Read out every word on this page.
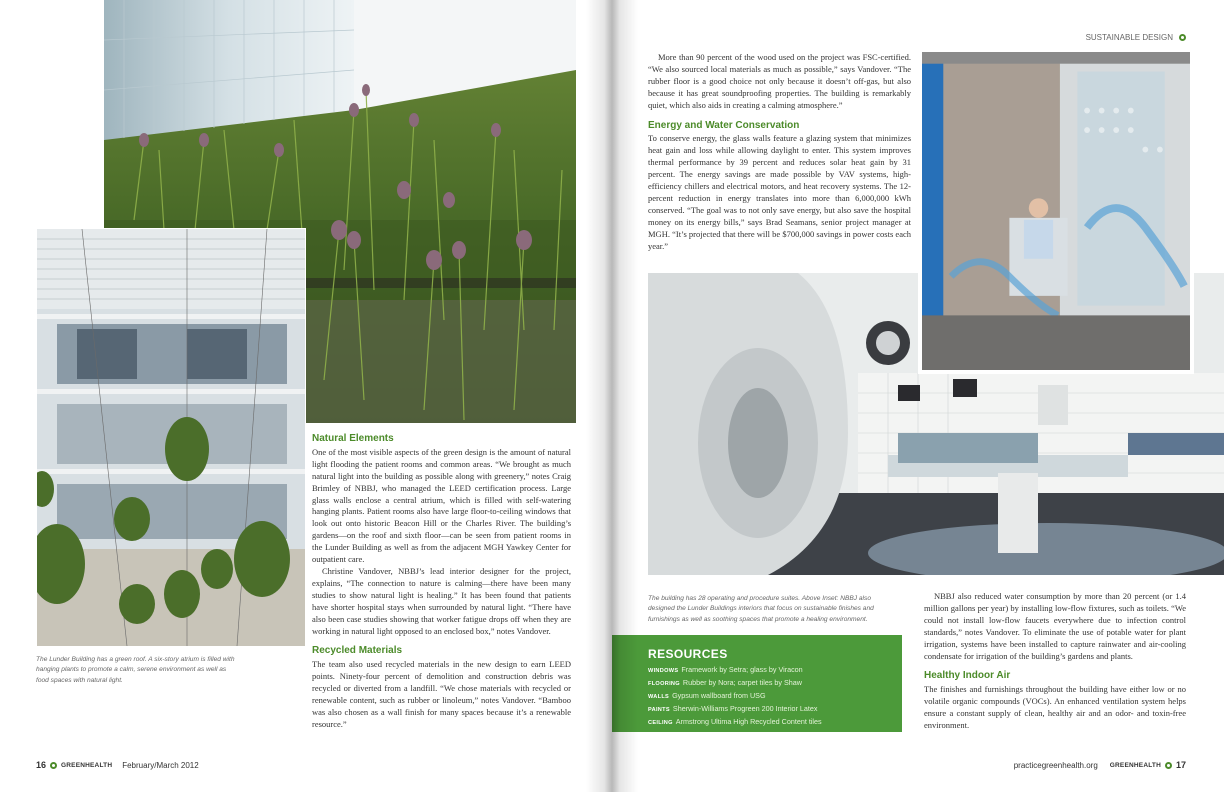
The Lunder Building has a green roof. A six-story atrium is filled with hanging plants to promote a calm, serene environment as well as food spaces with natural light.
Natural Elements

One of the most visible aspects of the green design is the amount of natural light flooding the patient rooms and common areas. “We brought as much natural light into the building as possible along with greenery,” notes Craig Brimley of NBBJ, who managed the LEED certification process. Large glass walls enclose a central atrium, which is filled with self-watering hanging plants. Patient rooms also have large floor-to-ceiling windows that look out onto historic Beacon Hill or the Charles River. The building’s gardens—on the roof and sixth floor—can be seen from patient rooms in the Lunder Building as well as from the adjacent MGH Yawkey Center for outpatient care.

Christine Vandover, NBBJ’s lead interior designer for the project, explains, “The connection to nature is calming—there have been many studies to show natural light is healing.” It has been found that patients have shorter hospital stays when surrounded by natural light. “There have also been case studies showing that worker fatigue drops off when they are working in natural light opposed to an enclosed box,” notes Vandover.

Recycled Materials

The team also used recycled materials in the new design to earn LEED points. Ninety-four percent of demolition and construction debris was recycled or diverted from a landfill. “We chose materials with recycled or renewable content, such as rubber or linoleum,” notes Vandover. “Bamboo was also chosen as a wall finish for many spaces because it’s a renewable resource.”

16 GREENHEALTH February/March 2012
SUSTAINABLE DESIGN

More than 90 percent of the wood used on the project was FSC-certified. “We also sourced local materials as much as possible,” says Vandover. “The rubber floor is a good choice not only because it doesn’t off-gas, but also because it has great soundproofing properties. The building is remarkably quiet, which also aids in creating a calming atmosphere.”

Energy and Water Conservation

To conserve energy, the glass walls feature a glazing system that minimizes heat gain and loss while allowing daylight to enter. This system improves thermal performance by 39 percent and reduces solar heat gain by 31 percent. The energy savings are made possible by VAV systems, high-efficiency chillers and electrical motors, and heat recovery systems. The 12-percent reduction in energy translates into more than 6,000,000 kWh conserved. “The goal was to not only save energy, but also save the hospital money on its energy bills,” says Brad Seamans, senior project manager at MGH. “It’s projected that there will be $700,000 savings in power costs each year.”

The building has 28 operating and procedure suites. Above Inset: NBBJ also designed the Lunder Buildings interiors that focus on sustainable finishes and furnishings as well as soothing spaces that promote a healing environment.
RESOURCES
WINDOWS Framework by Setra; glass by Viracon
FLOORING Rubber by Nora; carpet tiles by Shaw
WALLS Gypsum wallboard from USG
PAINTS Sherwin-Williams Progreen 200 Interior Latex
CEILING Armstrong Ultima High Recycled Content tiles

NBBJ also reduced water consumption by more than 20 percent (or 1.4 million gallons per year) by installing low-flow fixtures, such as toilets. “We could not install low-flow faucets everywhere due to infection control standards,” notes Vandover. To eliminate the use of potable water for plant irrigation, systems have been installed to capture rainwater and air-cooling condensate for irrigation of the building’s gardens and plants.

Healthy Indoor Air

The finishes and furnishings throughout the building have either low or no volatile organic compounds (VOCs). An enhanced ventilation system helps ensure a constant supply of clean, healthy air and an odor- and toxin-free environment.

practicegreenhealth.org GREENHEALTH 17
